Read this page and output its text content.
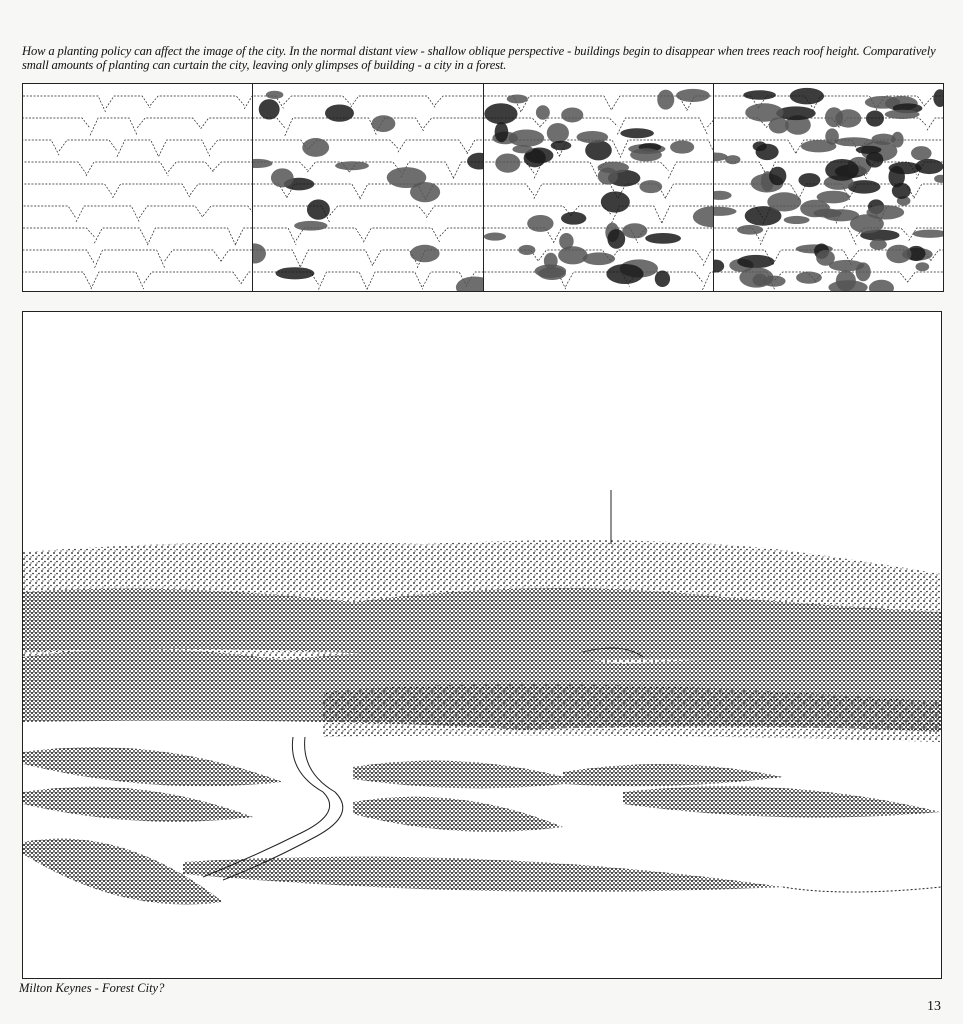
How a planting policy can affect the image of the city. In the normal distant view - shallow oblique perspective - buildings begin to disappear when trees reach roof height. Comparatively small amounts of planting can curtain the city, leaving only glimpses of building - a city in a forest.

Milton Keynes - Forest City?
13
